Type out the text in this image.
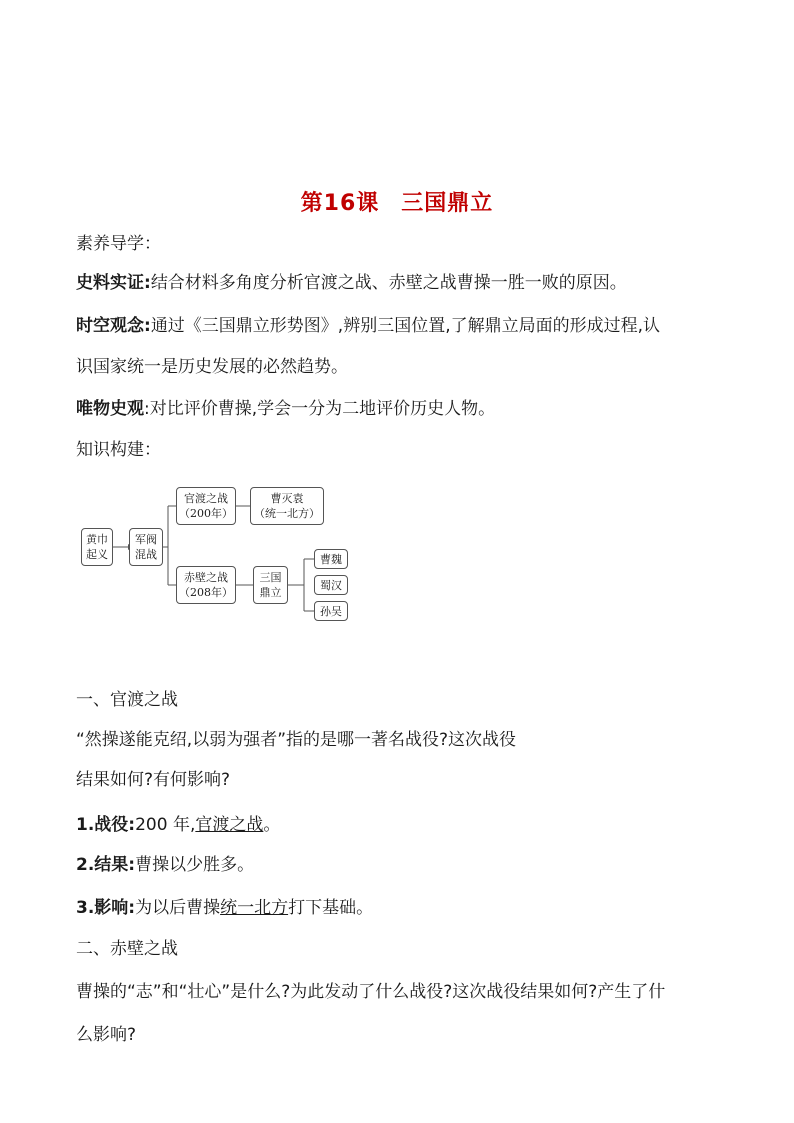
第16课 三国鼎立
素养导学：
史料实证:结合材料多角度分析官渡之战、赤壁之战曹操一胜一败的原因。
时空观念:通过《三国鼎立形势图》,辨别三国位置,了解鼎立局面的形成过程,认
识国家统一是历史发展的必然趋势。
唯物史观:对比评价曹操,学会一分为二地评价历史人物。
知识构建：
黄巾
起义
军阀
混战
官渡之战
（200年）
曹灭袁
（统一北方）
赤壁之战
（208年）
三国
鼎立
曹魏
蜀汉
孙吴
一、官渡之战
“然操遂能克绍,以弱为强者”指的是哪一著名战役?这次战役
结果如何?有何影响?
1.战役:200 年,官渡之战。
2.结果:曹操以少胜多。
3.影响:为以后曹操统一北方打下基础。
二、赤壁之战
曹操的“志”和“壮心”是什么?为此发动了什么战役?这次战役结果如何?产生了什
么影响?
